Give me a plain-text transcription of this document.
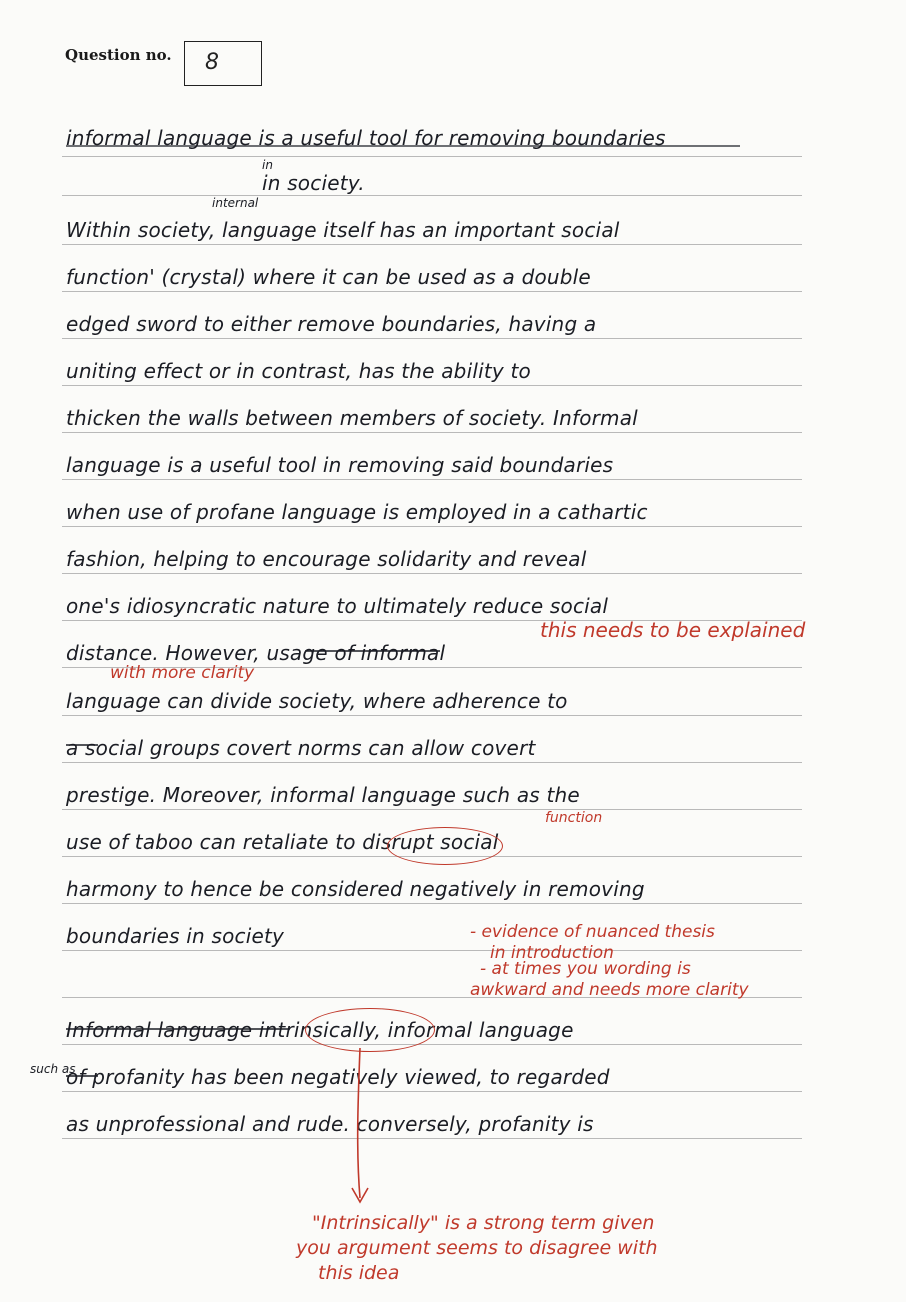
Question no. 8
informal language is a useful tool for removing boundaries
in society.
Within society, language itself has an important social
function' (crystal) where it can be used as a double
edged sword to either remove boundaries, having a
uniting effect or in contrast, has the ability to
thicken the walls between members of society. Informal
language is a useful tool in removing said boundaries
when use of profane language is employed in a cathartic
fashion, helping to encourage solidarity and reveal
one's idiosyncratic nature to ultimately reduce social
distance. However, usage of informal
language can divide society, where adherence to
a social groups covert norms can allow covert
prestige. Moreover, informal language such as the
use of taboo can retaliate to disrupt social
harmony to hence be considered negatively in removing
boundaries in society
Informal language intrinsically, informal language
of profanity has been negatively viewed, to regarded
as unprofessional and rude. conversely, profanity is
internal
such as
in
this needs to be explained
with more clarity
function
- evidence of nuanced thesis
in introduction
- at times you wording is
awkward and needs more clarity
"Intrinsically" is a strong term given
you argument seems to disagree with
this idea
